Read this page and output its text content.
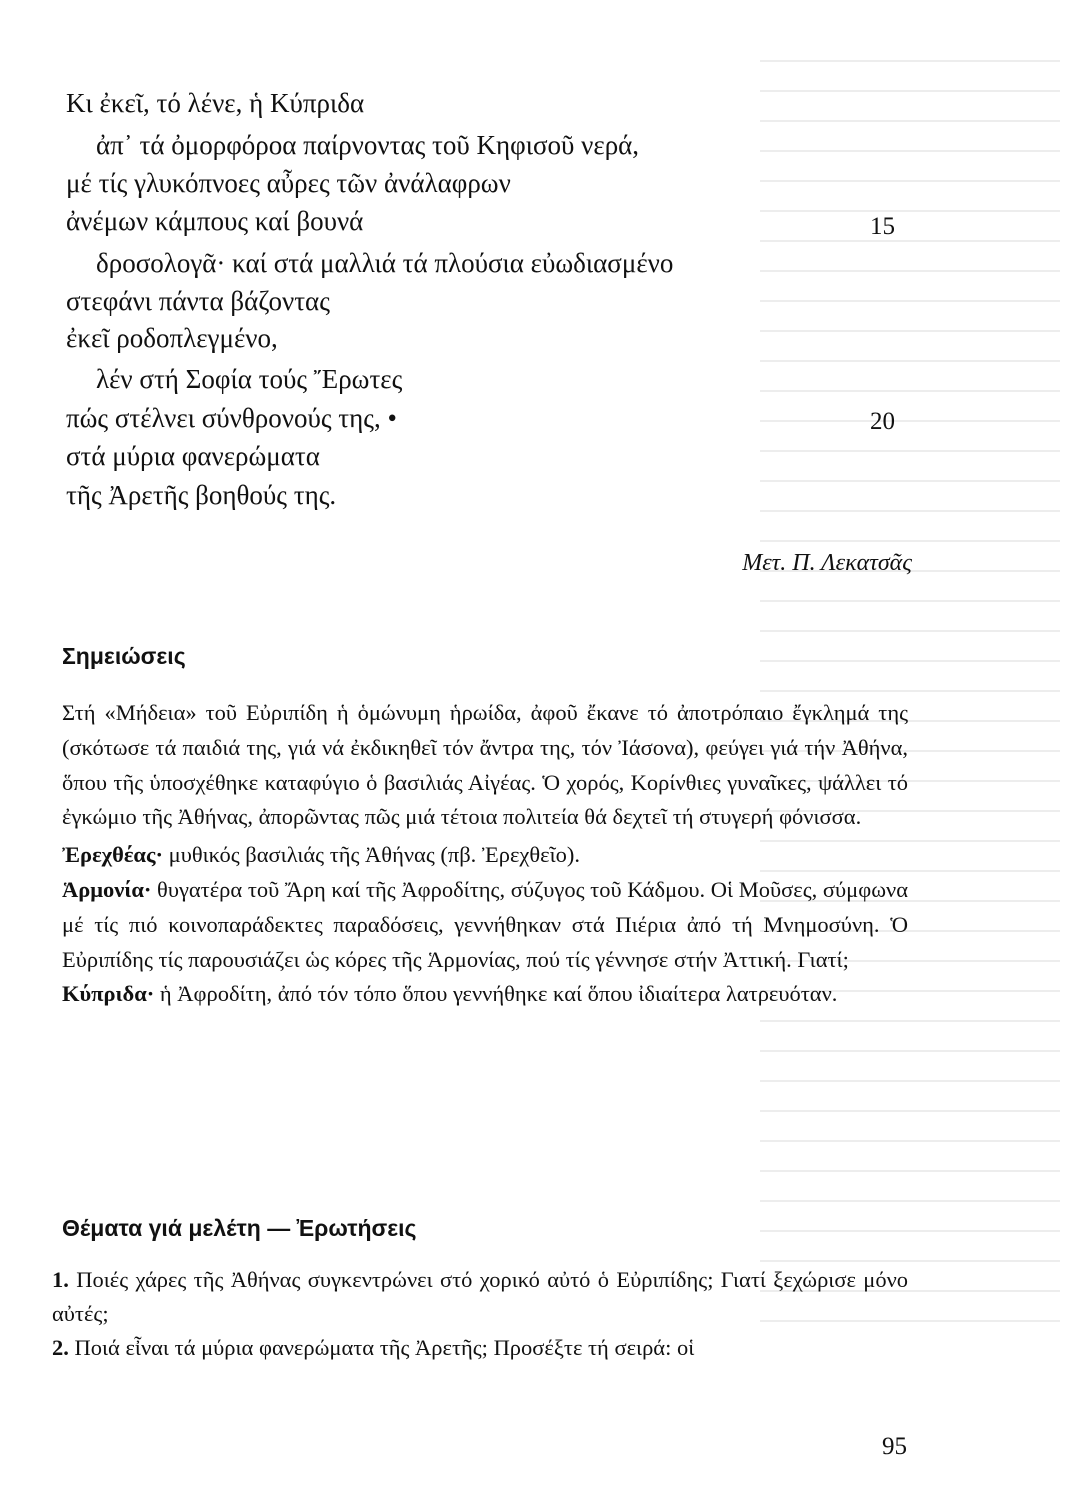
Κι ἐκεῖ, τό λένε, ἡ Κύπριδα
ἀπ᾿ τά ὀμορφόροα παίρνοντας τοῦ Κηφισοῦ νερά,
μέ τίς γλυκόπνοες αὖρες τῶν ἀνάλαφρων
ἀνέμων κάμπους καί βουνά
δροσολογᾶ· καί στά μαλλιά τά πλούσια εὐωδιασμένο
στεφάνι πάντα βάζοντας
ἐκεῖ ροδοπλεγμένο,
λέν στή Σοφία τούς Ἔρωτες
πώς στέλνει σύνθρονούς της, •
στά μύρια φανερώματα
τῆς Ἀρετῆς βοηθούς της.
15
20
Μετ. Π. Λεκατσᾶς
Σημειώσεις

Στή «Μήδεια» τοῦ Εὐριπίδη ἡ ὁμώνυμη ἡρωίδα, ἀφοῦ ἔκανε τό ἀποτρόπαιο ἔγκλημά της (σκότωσε τά παιδιά της, γιά νά ἐκδικηθεῖ τόν ἄντρα της, τόν Ἰάσονα), φεύγει γιά τήν Ἀθήνα, ὅπου τῆς ὑποσχέθηκε καταφύγιο ὁ βασιλιάς Αἰγέας. Ὁ χορός, Κορίνθιες γυναῖκες, ψάλλει τό ἐγκώμιο τῆς Ἀθήνας, ἀπορῶντας πῶς μιά τέτοια πολιτεία θά δεχτεῖ τή στυγερή φόνισσα.

Ἐρεχθέας· μυθικός βασιλιάς τῆς Ἀθήνας (πβ. Ἐρεχθεῖο).

Ἁρμονία· θυγατέρα τοῦ Ἄρη καί τῆς Ἀφροδίτης, σύζυγος τοῦ Κάδμου. Οἱ Μοῦσες, σύμφωνα μέ τίς πιό κοινοπαράδεκτες παραδόσεις, γεννήθηκαν στά Πιέρια ἀπό τή Μνημοσύνη. Ὁ Εὐριπίδης τίς παρουσιάζει ὡς κόρες τῆς Ἁρμονίας, πού τίς γέννησε στήν Ἀττική. Γιατί;

Κύπριδα· ἡ Ἀφροδίτη, ἀπό τόν τόπο ὅπου γεννήθηκε καί ὅπου ἰδιαίτερα λατρευόταν.

Θέματα γιά μελέτη — Ἐρωτήσεις

1. Ποιές χάρες τῆς Ἀθήνας συγκεντρώνει στό χορικό αὐτό ὁ Εὐριπίδης; Γιατί ξεχώρισε μόνο αὐτές;

2. Ποιά εἶναι τά μύρια φανερώματα τῆς Ἀρετῆς; Προσέξτε τή σειρά: οἱ

95
